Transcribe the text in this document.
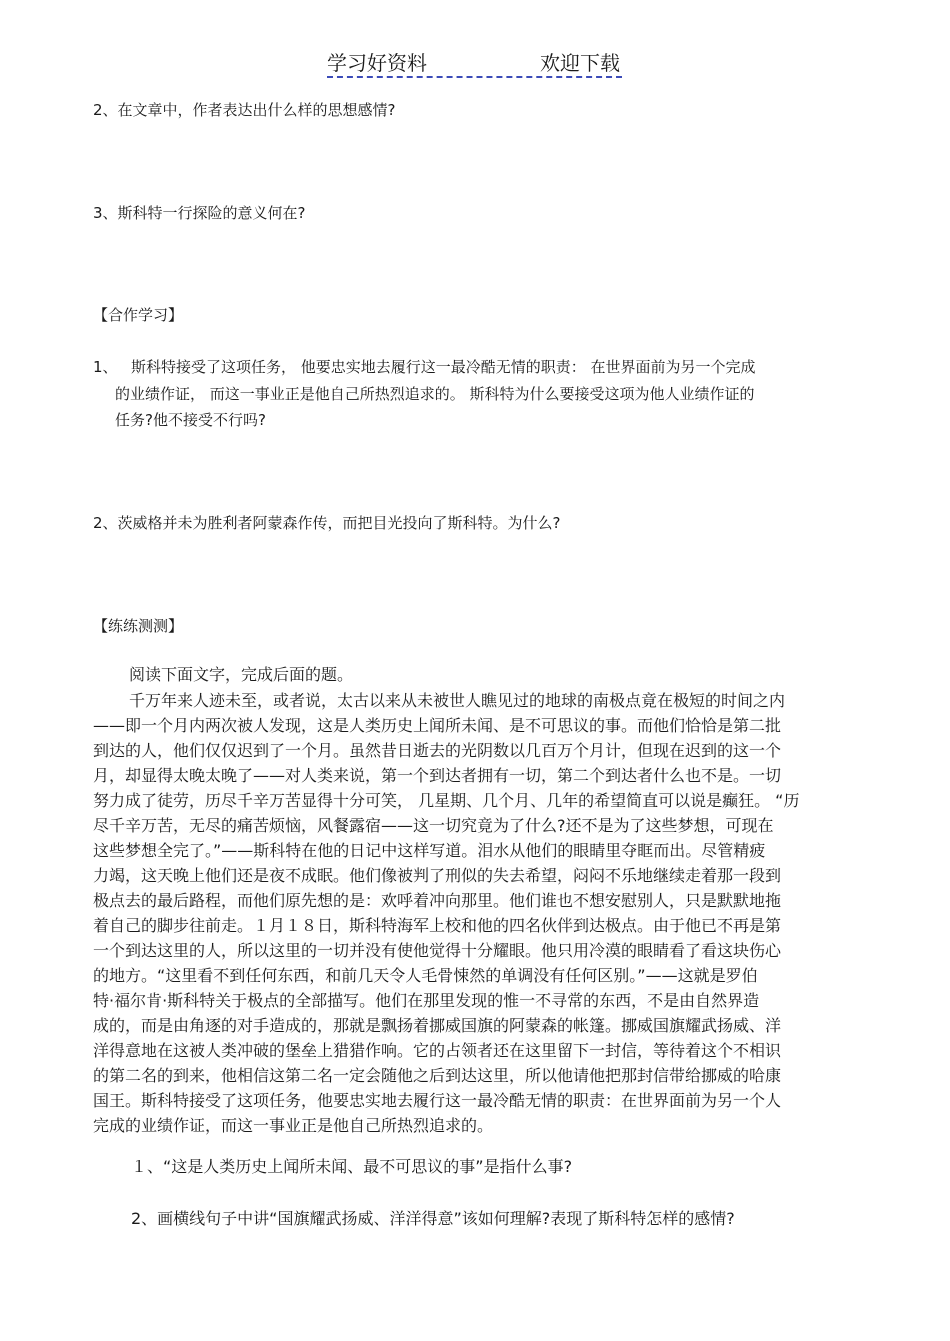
学习好资料	欢迎下载
2、在文章中，作者表达出什么样的思想感情?
3、斯科特一行探险的意义何在?
【合作学习】
1、 斯科特接受了这项任务， 他要忠实地去履行这一最冷酷无情的职责： 在世界面前为另一个完成
的业绩作证， 而这一事业正是他自己所热烈追求的。 斯科特为什么要接受这项为他人业绩作证的
任务?他不接受不行吗?
2、茨威格并未为胜利者阿蒙森作传，而把目光投向了斯科特。为什么?
【练练测测】
阅读下面文字，完成后面的题。
千万年来人迹未至，或者说，太古以来从未被世人瞧见过的地球的南极点竟在极短的时间之内
——即一个月内两次被人发现，这是人类历史上闻所未闻、是不可思议的事。而他们恰恰是第二批
到达的人，他们仅仅迟到了一个月。虽然昔日逝去的光阴数以几百万个月计，但现在迟到的这一个
月，却显得太晚太晚了——对人类来说，第一个到达者拥有一切，第二个到达者什么也不是。一切
努力成了徒劳，历尽千辛万苦显得十分可笑， 几星期、几个月、几年的希望简直可以说是癫狂。 “历
尽千辛万苦，无尽的痛苦烦恼，风餐露宿——这一切究竟为了什么?还不是为了这些梦想，可现在
这些梦想全完了。”——斯科特在他的日记中这样写道。泪水从他们的眼睛里夺眶而出。尽管精疲
力竭，这天晚上他们还是夜不成眠。他们像被判了刑似的失去希望，闷闷不乐地继续走着那一段到
极点去的最后路程，而他们原先想的是：欢呼着冲向那里。他们谁也不想安慰别人，只是默默地拖
着自己的脚步往前走。１月１８日，斯科特海军上校和他的四名伙伴到达极点。由于他已不再是第
一个到达这里的人，所以这里的一切并没有使他觉得十分耀眼。他只用冷漠的眼睛看了看这块伤心
的地方。“这里看不到任何东西，和前几天令人毛骨悚然的单调没有任何区别。”——这就是罗伯
特·福尔肯·斯科特关于极点的全部描写。他们在那里发现的惟一不寻常的东西，不是由自然界造
成的，而是由角逐的对手造成的，那就是飘扬着挪威国旗的阿蒙森的帐篷。挪威国旗耀武扬威、洋
洋得意地在这被人类冲破的堡垒上猎猎作响。它的占领者还在这里留下一封信，等待着这个不相识
的第二名的到来，他相信这第二名一定会随他之后到达这里，所以他请他把那封信带给挪威的哈康
国王。斯科特接受了这项任务，他要忠实地去履行这一最冷酷无情的职责：在世界面前为另一个人
完成的业绩作证，而这一事业正是他自己所热烈追求的。
１、“这是人类历史上闻所未闻、最不可思议的事”是指什么事?
2、画横线句子中讲“国旗耀武扬威、洋洋得意”该如何理解?表现了斯科特怎样的感情?
